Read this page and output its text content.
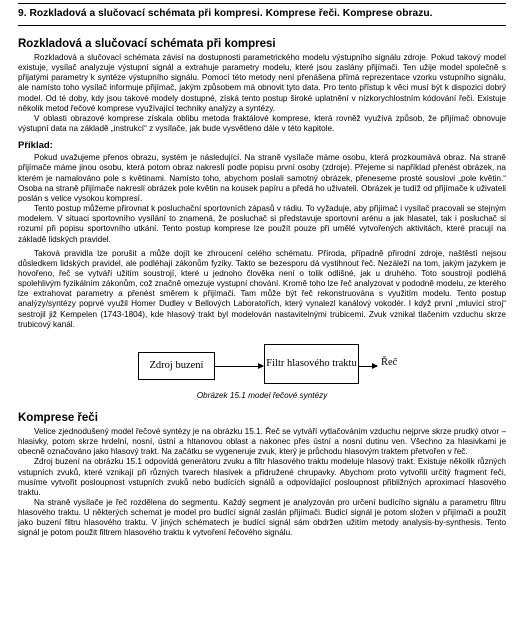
9. Rozkladová a slučovací schémata při kompresi. Komprese řeči. Komprese obrazu.
Rozkladová a slučovací schémata při kompresi

Rozkladová a slučovací schémata závisí na dostupnosti parametrického modelu výstupního signálu zdroje. Pokud takový model existuje, vysílač analyzuje výstupní signál a extrahuje parametry modelu, které jsou zaslány přijímači. Ten užije model společně s přijatými parametry k syntéze výstupního signálu. Pomocí této metody není přenášena přímá reprezentace vzorku vstupního signálu, ale namísto toho vysílač informuje přijímač, jakým způsobem má obnovit tyto data. Pro tento přístup k věci musí být k dispozici dobrý model. Od té doby, kdy jsou takové modely dostupné, získá tento postup široké uplatnění v nízkorychlostním kódování řeči. Existuje několik metod řečové komprese využívající techniky analýzy a syntézy.

V oblasti obrazové komprese získala oblibu metoda fraktálové komprese, která rovněž využívá způsob, že přijímač obnovuje výstupní data na základě „instrukcí“ z vysílače, jak bude vysvětleno dále v této kapitole.

Příklad:

Pokud uvažujeme přenos obrazu, systém je následující. Na straně vysílače máme osobu, která prozkoumává obraz. Na straně přijímače máme jinou osobu, která potom obraz nakreslí podle popisu první osoby (zdroje). Přejeme si například přenést obrázek, na kterém je namalováno pole s květinami. Namísto toho, abychom poslali samotný obrázek, přeneseme prosté souslovi „pole květin.“ Osoba na straně přijímače nakreslí obrázek pole květin na kousek papíru a předá ho uživateli. Obrázek je tudíž od přijímače k uživateli poslán s velice vysokou kompresí.

Tento postup můžeme přirovnat k posluchační sportovních zápasů v rádiu. To vyžaduje, aby přijímač i vysílač pracovali se stejným modelem. V situaci sportovního vysílání to znamená, že posluchač si představuje sportovní arénu a jak hlasatel, tak i posluchač si rozumí při popisu sportovního utkání. Tento postup komprese lze použít pouze při umělé vytvořených aktivitách, které pracují na základě lidských pravidel.

Taková pravidla lze porušit a může dojít ke zhroucení celého schématu. Příroda, případně přirodní zdroje, naštěstí nejsou důsledkem lidských pravidel, ale podléhají zákonům fyziky. Takto se bezesporu dá vystihnout řeč. Nezáleží na tom, jakým jazykem je hovořeno, řeč se vytváří užitím soustrojí, které u jednoho člověka není o tolik odlišné, jak u druhého. Toto soustrojí podléhá spolehlivým fyzikálním zákonům, což značně omezuje vystupní chování. Kromě toho lze řeč analyzovat v pododně modelu, ze kterého lze extrahovat parametry a přenést směrem k přijímači. Tam může být řeč rekonstruována s využitím modelu. Tento postup analýzy/syntézy poprvé využil Homer Dudley v Bellových Laboratořích, který vynalezl kanálový vokodér. I když první „mluvící stroj“ sestrojil již Kempelen (1743-1804), kde hlasový trakt byl modelován nastavitelnými trubicemi. Zvuk vznikal tlačením vzduchu skrze trubicový kanál.

Zdroj buzení	Filtr hlasového traktu Řeč
Obrázek 15.1 model řečové syntézy
Komprese řeči

Velice zjednodušený model řečové syntézy je na obrázku 15.1. Řeč se vytváří vytlačováním vzduchu nejprve skrze prudký otvor – hlasivky, potom skrze hrdelní, nosní, ústní a hltanovou oblast a nakonec přes ústní a nosní dutinu ven. Všechno za hlasivkami je obecně označováno jako hlasový trakt. Na začátku se vygeneruje zvuk, který je průchodu hlasovým traktem přetvořen v řeč.

Zdroj buzení na obrázku 15.1 odpovídá generátoru zvuku a filtr hlasového traktu modeluje hlasový trakt. Existuje několik různých vstupních zvuků, které vznikají při různých tvarech hlasivek a přidružené chrupavky. Abychom proto vytvořili určitý fragment řeči, musíme vytvořit posloupnost vstupních zvuků nebo budících signálů a odpovídající posloupnost přibližných aproximací hlasového traktu.

Na straně vysílače je řeč rozdělena do segmentu. Každý segment je analyzován pro určení budícího signálu a parametru filtru hlasového traktu. U některých schemat je model pro budící signál zaslán přijímači. Budicí signál je potom složen v přijímači a použít jako buzení filtru hlasového traktu. V jiných schématech je budící signál sám obdržen užitím metody analysis-by-synthesis. Tento signál je potom použit filtrem hlasového traktu k vytvoření řečového signálu.
